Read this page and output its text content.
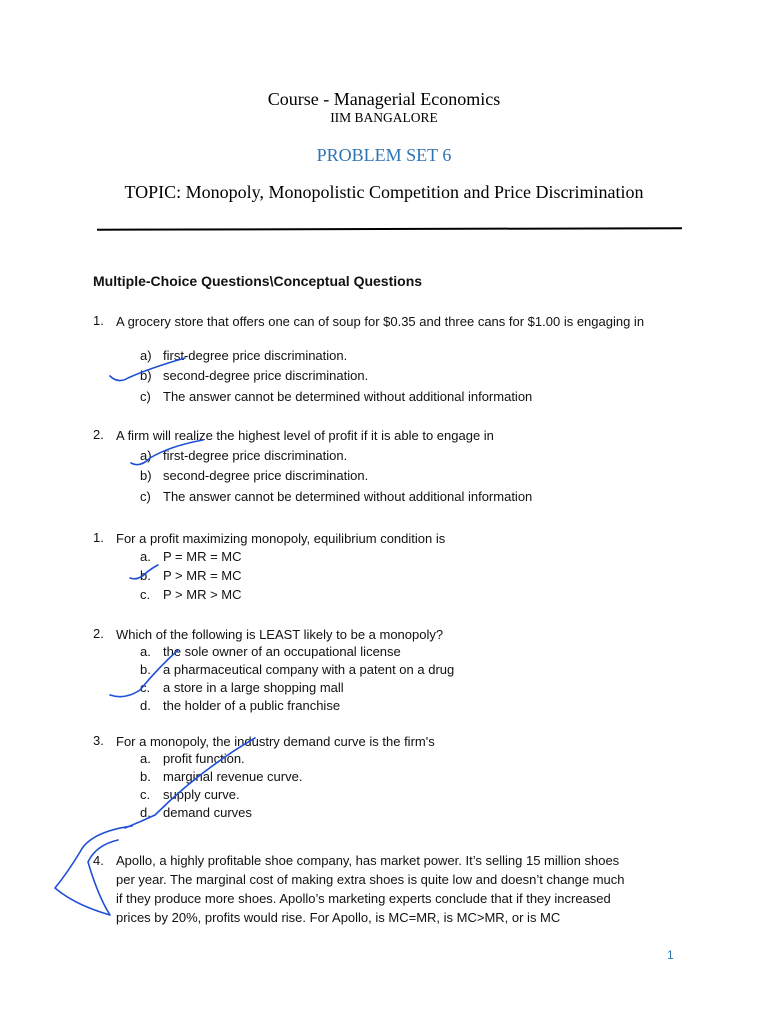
Course - Managerial Economics
IIM BANGALORE
PROBLEM SET 6
TOPIC: Monopoly, Monopolistic Competition and Price Discrimination
Multiple-Choice Questions\Conceptual Questions
1. A grocery store that offers one can of soup for $0.35 and three cans for $1.00 is engaging in
a) first-degree price discrimination.
b) second-degree price discrimination.
c) The answer cannot be determined without additional information
2. A firm will realize the highest level of profit if it is able to engage in
a) first-degree price discrimination.
b) second-degree price discrimination.
c) The answer cannot be determined without additional information
1. For a profit maximizing monopoly, equilibrium condition is
a. P = MR = MC
b. P > MR = MC
c. P > MR > MC
2. Which of the following is LEAST likely to be a monopoly?
a. the sole owner of an occupational license
b. a pharmaceutical company with a patent on a drug
c. a store in a large shopping mall
d. the holder of a public franchise
3. For a monopoly, the industry demand curve is the firm's
a. profit function.
b. marginal revenue curve.
c. supply curve.
d. demand curves
4. Apollo, a highly profitable shoe company, has market power. It’s selling 15 million shoes
per year. The marginal cost of making extra shoes is quite low and doesn’t change much
if they produce more shoes. Apollo’s marketing experts conclude that if they increased
prices by 20%, profits would rise. For Apollo, is MC=MR, is MC>MR, or is MC
1
